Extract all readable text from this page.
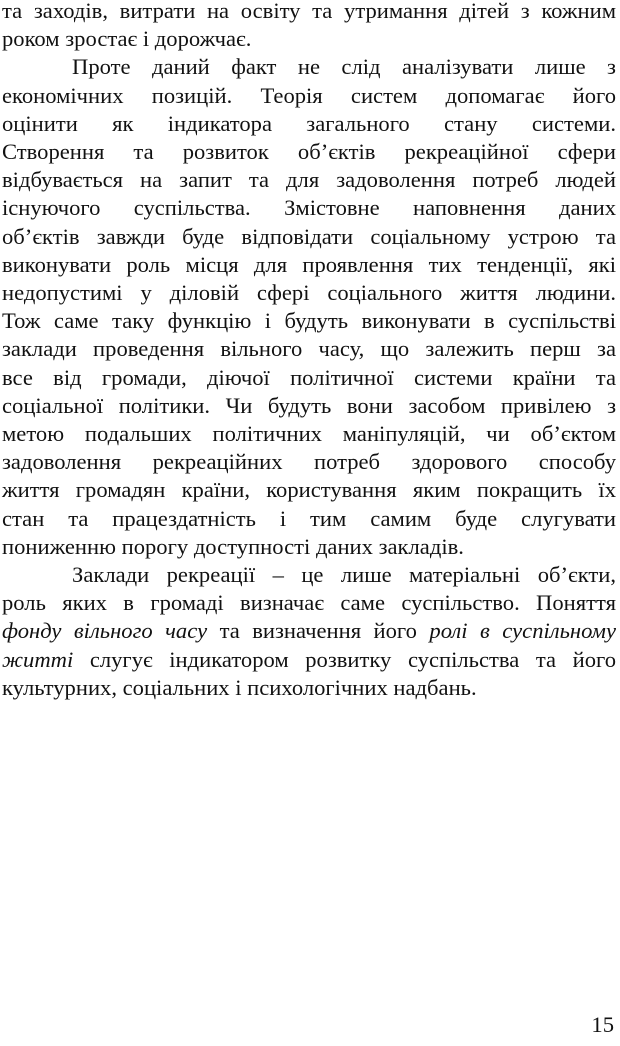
та заходів, витрати на освіту та утримання дітей з кожним
роком зростає і дорожчає.

Проте даний факт не слід аналізувати лише з
економічних позицій. Теорія систем допомагає його
оцінити як індикатора загального стану системи.
Створення та розвиток об’єктів рекреаційної сфери
відбувається на запит та для задоволення потреб людей
існуючого суспільства. Змістовне наповнення даних
об’єктів завжди буде відповідати соціальному устрою та
виконувати роль місця для проявлення тих тенденції, які
недопустимі у діловій сфері соціального життя людини.
Тож саме таку функцію і будуть виконувати в суспільстві
заклади проведення вільного часу, що залежить перш за
все від громади, діючої політичної системи країни та
соціальної політики. Чи будуть вони засобом привілею з
метою подальших політичних маніпуляцій, чи об’єктом
задоволення рекреаційних потреб здорового способу
життя громадян країни, користування яким покращить їх
стан та працездатність і тим самим буде слугувати
пониженню порогу доступності даних закладів.

Заклади рекреації – це лише матеріальні об’єкти,
роль яких в громаді визначає саме суспільство. Поняття
фонду вільного часу та визначення його ролі в суспільному
житті слугує індикатором розвитку суспільства та його
культурних, соціальних і психологічних надбань.

15
